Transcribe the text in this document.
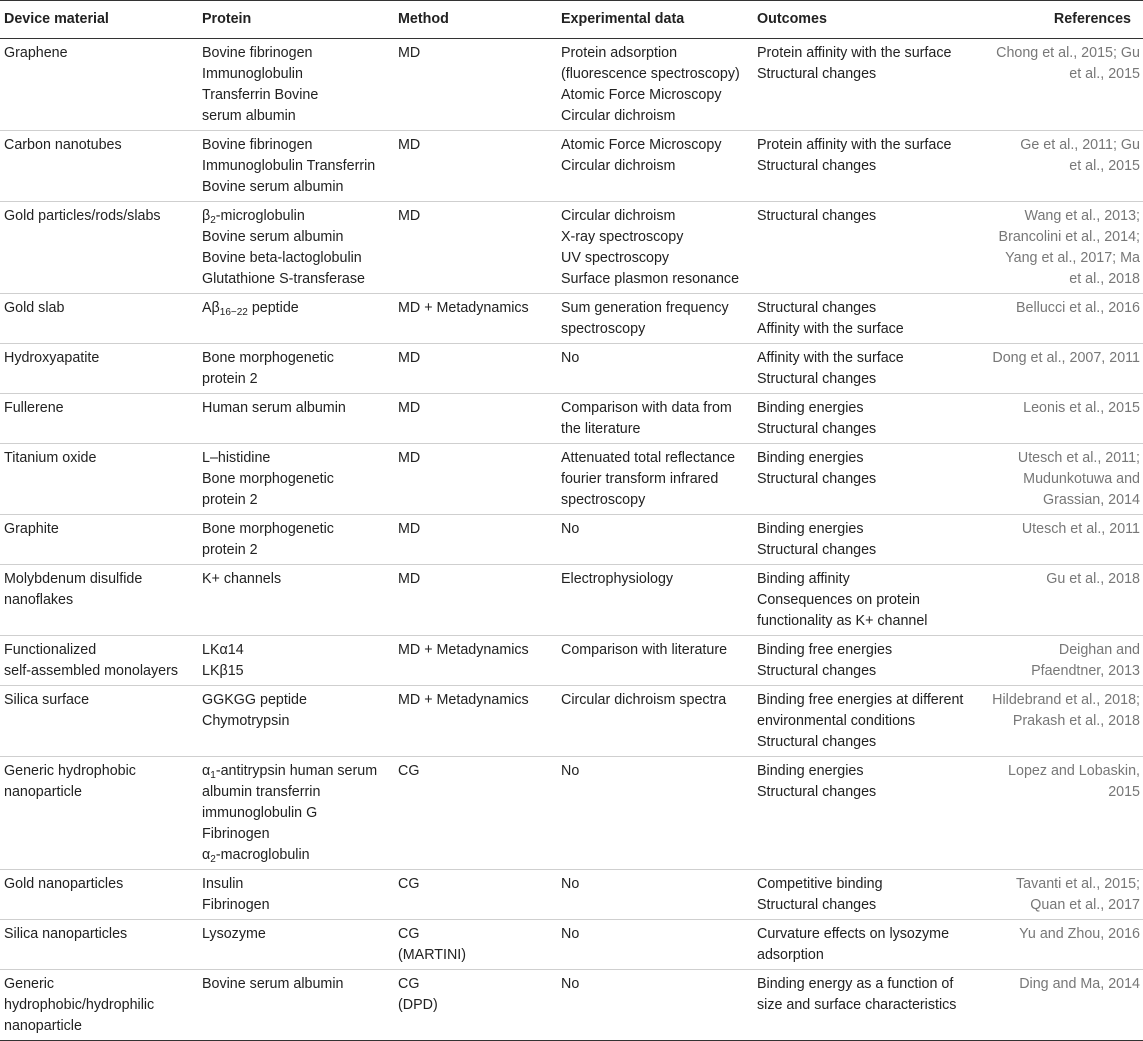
Device material	Protein	Method	Experimental data	Outcomes	References

Graphene	Bovine fibrinogen
Immunoglobulin
Transferrin Bovine
serum albumin	MD	Protein adsorption
(fluorescence spectroscopy)
Atomic Force Microscopy
Circular dichroism	Protein affinity with the surface
Structural changes	Chong et al., 2015; Gu
et al., 2015

Carbon nanotubes	Bovine fibrinogen
Immunoglobulin Transferrin
Bovine serum albumin	MD	Atomic Force Microscopy
Circular dichroism	Protein affinity with the surface
Structural changes	Ge et al., 2011; Gu
et al., 2015

Gold particles/rods/slabs	$\beta_2$-microglobulin
Bovine serum albumin
Bovine beta-lactoglobulin
Glutathione S-transferase	MD	Circular dichroism
X-ray spectroscopy
UV spectroscopy
Surface plasmon resonance	Structural changes	Wang et al., 2013;
Brancolini et al., 2014;
Yang et al., 2017; Ma
et al., 2018

Gold slab	$A\beta_{16-22}$ peptide	MD + Metadynamics	Sum generation frequency
spectroscopy	Structural changes
Affinity with the surface	Bellucci et al., 2016

Hydroxyapatite	Bone morphogenetic
protein 2	MD	No	Affinity with the surface
Structural changes	Dong et al., 2007, 2011

Fullerene	Human serum albumin	MD	Comparison with data from
the literature	Binding energies
Structural changes	Leonis et al., 2015

Titanium oxide	L–histidine
Bone morphogenetic
protein 2	MD	Attenuated total reflectance
fourier transform infrared
spectroscopy	Binding energies
Structural changes	Utesch et al., 2011;
Mudunkotuwa and
Grassian, 2014

Graphite	Bone morphogenetic
protein 2	MD	No	Binding energies
Structural changes	Utesch et al., 2011

Molybdenum disulfide
nanoflakes	K+ channels	MD	Electrophysiology	Binding affinity
Consequences on protein
functionality as K+ channel	Gu et al., 2018

Functionalized
self-assembled monolayers	LKα14
LKβ15	MD + Metadynamics	Comparison with literature	Binding free energies
Structural changes	Deighan and
Pfaendtner, 2013

Silica surface	GGKGG peptide
Chymotrypsin	MD + Metadynamics	Circular dichroism spectra	Binding free energies at different
environmental conditions
Structural changes	Hildebrand et al., 2018;
Prakash et al., 2018

Generic hydrophobic
nanoparticle	$\alpha_1$-antitrypsin human serum
albumin transferrin
immunoglobulin G
Fibrinogen
$\alpha_2$-macroglobulin	CG	No	Binding energies
Structural changes	Lopez and Lobaskin,
2015

Gold nanoparticles	Insulin
Fibrinogen	CG	No	Competitive binding
Structural changes	Tavanti et al., 2015;
Quan et al., 2017

Silica nanoparticles	Lysozyme	CG
(MARTINI)	No	Curvature effects on lysozyme
adsorption	Yu and Zhou, 2016

Generic
hydrophobic/hydrophilic
nanoparticle	Bovine serum albumin	CG
(DPD)	No	Binding energy as a function of
size and surface characteristics	Ding and Ma, 2014
